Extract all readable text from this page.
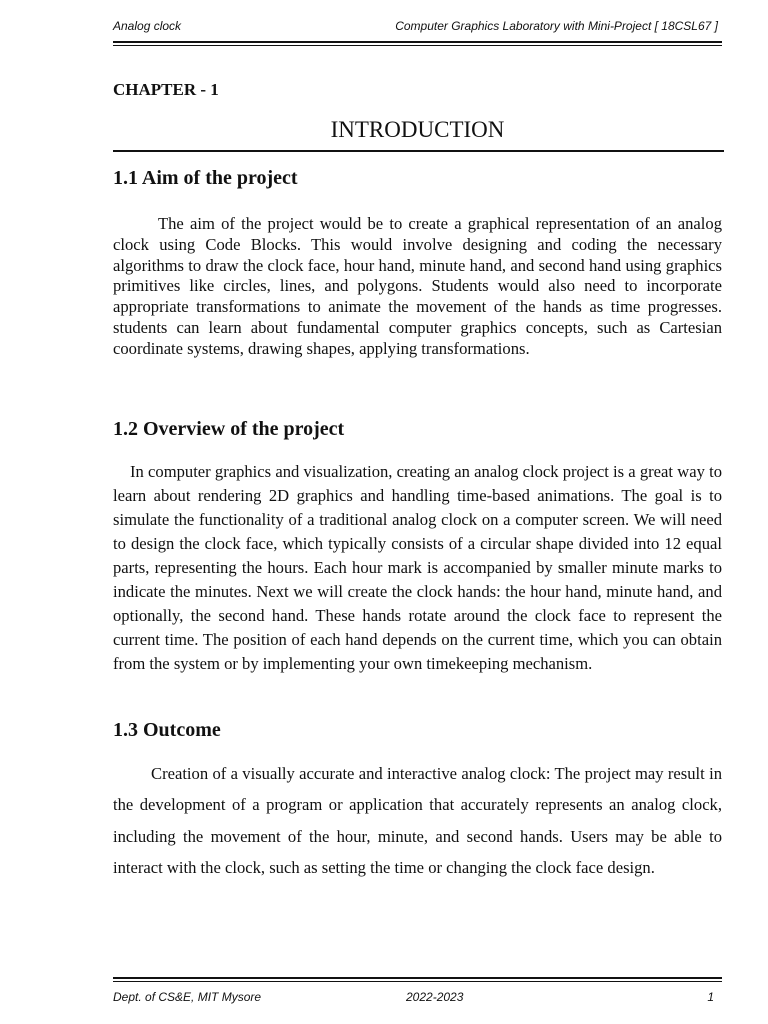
Analog clock	Computer Graphics Laboratory with Mini-Project [ 18CSL67 ]
CHAPTER - 1
INTRODUCTION
1.1 Aim of the project

The aim of the project would be to create a graphical representation of an analog clock using Code Blocks. This would involve designing and coding the necessary algorithms to draw the clock face, hour hand, minute hand, and second hand using graphics primitives like circles, lines, and polygons. Students would also need to incorporate appropriate transformations to animate the movement of the hands as time progresses. students can learn about fundamental computer graphics concepts, such as Cartesian coordinate systems, drawing shapes, applying transformations.

1.2 Overview of the project

In computer graphics and visualization, creating an analog clock project is a great way to learn about rendering 2D graphics and handling time-based animations. The goal is to simulate the functionality of a traditional analog clock on a computer screen. We will need to design the clock face, which typically consists of a circular shape divided into 12 equal parts, representing the hours. Each hour mark is accompanied by smaller minute marks to indicate the minutes. Next we will create the clock hands: the hour hand, minute hand, and optionally, the second hand. These hands rotate around the clock face to represent the current time. The position of each hand depends on the current time, which you can obtain from the system or by implementing your own timekeeping mechanism.

1.3 Outcome

Creation of a visually accurate and interactive analog clock: The project may result in the development of a program or application that accurately represents an analog clock, including the movement of the hour, minute, and second hands. Users may be able to interact with the clock, such as setting the time or changing the clock face design.

Dept. of CS&E, MIT Mysore	2022-2023	1
